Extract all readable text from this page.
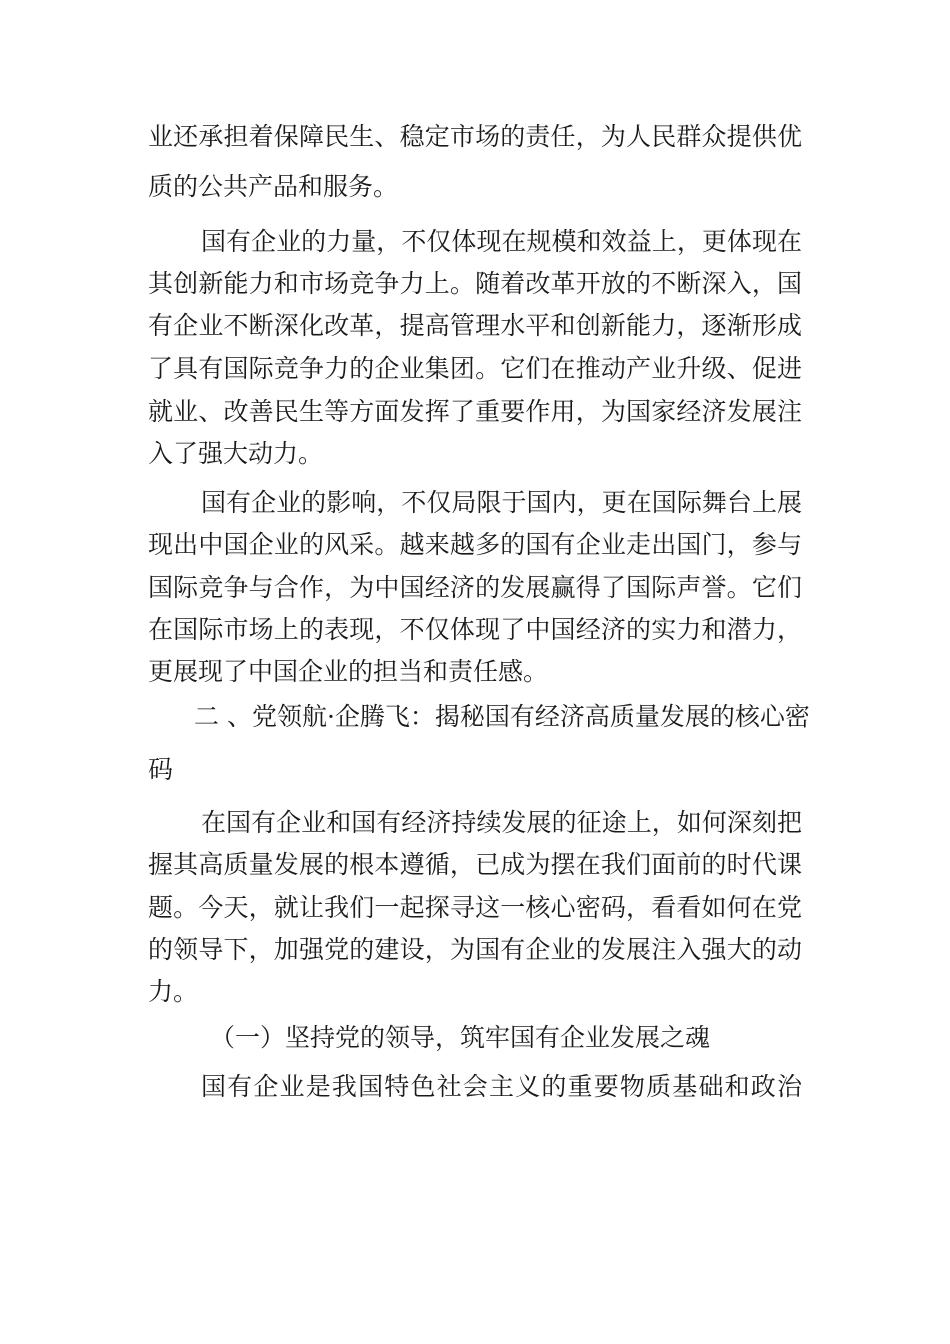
业还承担着保障民生、稳定市场的责任，为人民群众提供优
质的公共产品和服务。
国有企业的力量，不仅体现在规模和效益上，更体现在
其创新能力和市场竞争力上。随着改革开放的不断深入，国
有企业不断深化改革，提高管理水平和创新能力，逐渐形成
了具有国际竞争力的企业集团。它们在推动产业升级、促进
就业、改善民生等方面发挥了重要作用，为国家经济发展注
入了强大动力。
国有企业的影响，不仅局限于国内，更在国际舞台上展
现出中国企业的风采。越来越多的国有企业走出国门，参与
国际竞争与合作，为中国经济的发展赢得了国际声誉。它们
在国际市场上的表现，不仅体现了中国经济的实力和潜力，
更展现了中国企业的担当和责任感。
二 、党领航·企腾飞：揭秘国有经济高质量发展的核心密
码
在国有企业和国有经济持续发展的征途上，如何深刻把
握其高质量发展的根本遵循，已成为摆在我们面前的时代课
题。今天，就让我们一起探寻这一核心密码，看看如何在党
的领导下，加强党的建设，为国有企业的发展注入强大的动
力。
（一）坚持党的领导，筑牢国有企业发展之魂
国有企业是我国特色社会主义的重要物质基础和政治
